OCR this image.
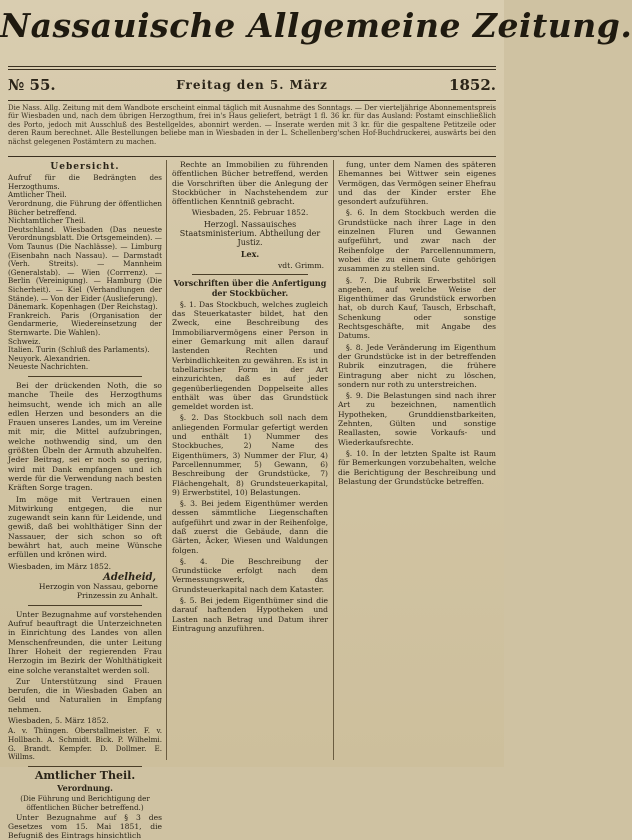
Nassauische Allgemeine Zeitung.
№ 55.	Freitag den 5. März	1852.
Die Nass. Allg. Zeitung mit dem Wandbote erscheint einmal täglich mit Ausnahme des Sonntags. — Der vierteljährige Abonnementspreis für Wiesbaden und, nach dem übrigen Herzogthum, frei in's Haus geliefert, beträgt 1 fl. 36 kr. für das Ausland: Postamt einschließlich des Porto, jedoch mit Ausschluß des Bestellgeldes, abonnirt werden. — Inserate werden mit 3 kr. für die gespaltene Petitzeile oder deren Raum berechnet. Alle Bestellungen beliebe man in Wiesbaden in der L. Schellenberg'schen Hof-Buchdruckerei, auswärts bei den nächst gelegenen Postämtern zu machen.
Uebersicht.
Aufruf für die Bedrängten des Herzogthums.
Amtlicher Theil.
Verordnung, die Führung der öffentlichen Bücher betreffend.
Nichtamtlicher Theil.
Deutschland. Wiesbaden (Das neueste Verordnungsblatt. Die Ortsgemeinden). — Vom Taunus (Die Nachlässe). — Limburg (Eisenbahn nach Nassau). — Darmstadt (Verh. Streits). — Mannheim (Generalstab). — Wien (Corrrenz). — Berlin (Vereinigung). — Hamburg (Die Sicherheit). — Kiel (Verhandlungen der Stände). — Von der Eider (Auslieferung).
Dänemark. Kopenhagen (Der Reichstag).
Frankreich. Paris (Organisation der Gendarmerie, Wiedereinsetzung der Sternwarte. Die Wahlen).
Schweiz.
Italien. Turin (Schluß des Parlaments).
Neuyork. Alexandrien.
Neueste Nachrichten.

Bei der drückenden Noth, die so manche Theile des Herzogthums heimsucht, wende ich mich an alle edlen Herzen und besonders an die Frauen unseres Landes, um im Vereine mit mir, die Mittel aufzubringen, welche nothwendig sind, um den größten Übeln der Armuth abzuhelfen. Jeder Beitrag, sei er noch so gering, wird mit Dank empfangen und ich werde für die Verwendung nach besten Kräften Sorge tragen.

Im möge mit Vertrauen einen Mitwirkung entgegen, die nur zugewandt sein kann für Leidende, und gewiß, daß bei wohlthätiger Sinn der Nassauer, der sich schon so oft bewährt hat, auch meine Wünsche erfüllen und krönen wird.

Wiesbaden, im März 1852.
Adelheid,
Herzogin von Nassau, geborne Prinzessin zu Anhalt.

Unter Bezugnahme auf vorstehenden Aufruf beauftragt die Unterzeichneten in Einrichtung des Landes von allen Menschenfreunden, die unter Leitung Ihrer Hoheit der regierenden Frau Herzogin im Bezirk der Wohlthätigkeit eine solche veranstaltet werden soll.

Zur Unterstützung sind Frauen berufen, die in Wiesbaden Gaben an Geld und Naturalien in Empfang nehmen.

Wiesbaden, 5. März 1852.
A. v. Thüngen. Oberstallmeister. F. v. Hollbach. A. Schmidt. Bick. P. Wilhelmi. G. Brandt. Kempfer. D. Dollmer. E. Willms.
Amtlicher Theil.
Verordnung.
(Die Führung und Berichtigung der öffentlichen Bücher betreffend.)

Unter Bezugnahme auf § 3 des Gesetzes vom 15. Mai 1851, die Befugniß des Eintrags hinsichtlich

Rechte an Immobilien zu führenden öffentlichen Bücher betreffend, werden die Vorschriften über die Anlegung der Stockbücher in Nachstehendem zur öffentlichen Kenntniß gebracht.

Wiesbaden, 25. Februar 1852.
Herzogl. Nassauisches Staatsministerium. Abtheilung der Justiz.
Lex.
vdt. Grimm.
Vorschriften über die Anfertigung der Stockbücher.

§. 1. Das Stockbuch, welches zugleich das Steuerkataster bildet, hat den Zweck, eine Beschreibung des Immobiliarvermögens einer Person in einer Gemarkung mit allen darauf lastenden Rechten und Verbindlichkeiten zu gewähren. Es ist in tabellarischer Form in der Art einzurichten, daß es auf jeder gegenüberliegenden Doppelseite alles enthält was über das Grundstück gemeldet worden ist.

§. 2. Das Stockbuch soll nach dem anliegenden Formular gefertigt werden und enthält 1) Nummer des Stockbuches, 2) Name des Eigenthümers, 3) Nummer der Flur, 4) Parcellennummer, 5) Gewann, 6) Beschreibung der Grundstücke, 7) Flächengehalt, 8) Grundsteuerkapital, 9) Erwerbstitel, 10) Belastungen.

§. 3. Bei jedem Eigenthümer werden dessen sämmtliche Liegenschaften aufgeführt und zwar in der Reihenfolge, daß zuerst die Gebäude, dann die Gärten, Äcker, Wiesen und Waldungen folgen.

§. 4. Die Beschreibung der Grundstücke erfolgt nach dem Vermessungswerk, das Grundsteuerkapital nach dem Kataster.

§. 5. Bei jedem Eigenthümer sind die darauf haftenden Hypotheken und Lasten nach Betrag und Datum ihrer Eintragung anzuführen.

fung, unter dem Namen des späteren Ehemannes bei Wittwer sein eigenes Vermögen, das Vermögen seiner Ehefrau und das der Kinder erster Ehe gesondert aufzuführen.

§. 6. In dem Stockbuch werden die Grundstücke nach ihrer Lage in den einzelnen Fluren und Gewannen aufgeführt, und zwar nach der Reihenfolge der Parcellennummern, wobei die zu einem Gute gehörigen zusammen zu stellen sind.

§. 7. Die Rubrik Erwerbstitel soll angeben, auf welche Weise der Eigenthümer das Grundstück erworben hat, ob durch Kauf, Tausch, Erbschaft, Schenkung oder sonstige Rechtsgeschäfte, mit Angabe des Datums.

§. 8. Jede Veränderung im Eigenthum der Grundstücke ist in der betreffenden Rubrik einzutragen, die frühere Eintragung aber nicht zu löschen, sondern nur roth zu unterstreichen.

§. 9. Die Belastungen sind nach ihrer Art zu bezeichnen, namentlich Hypotheken, Grunddienstbarkeiten, Zehnten, Gülten und sonstige Reallasten, sowie Vorkaufs- und Wiederkaufsrechte.

§. 10. In der letzten Spalte ist Raum für Bemerkungen vorzubehalten, welche die Berichtigung der Beschreibung und Belastung der Grundstücke betreffen.
